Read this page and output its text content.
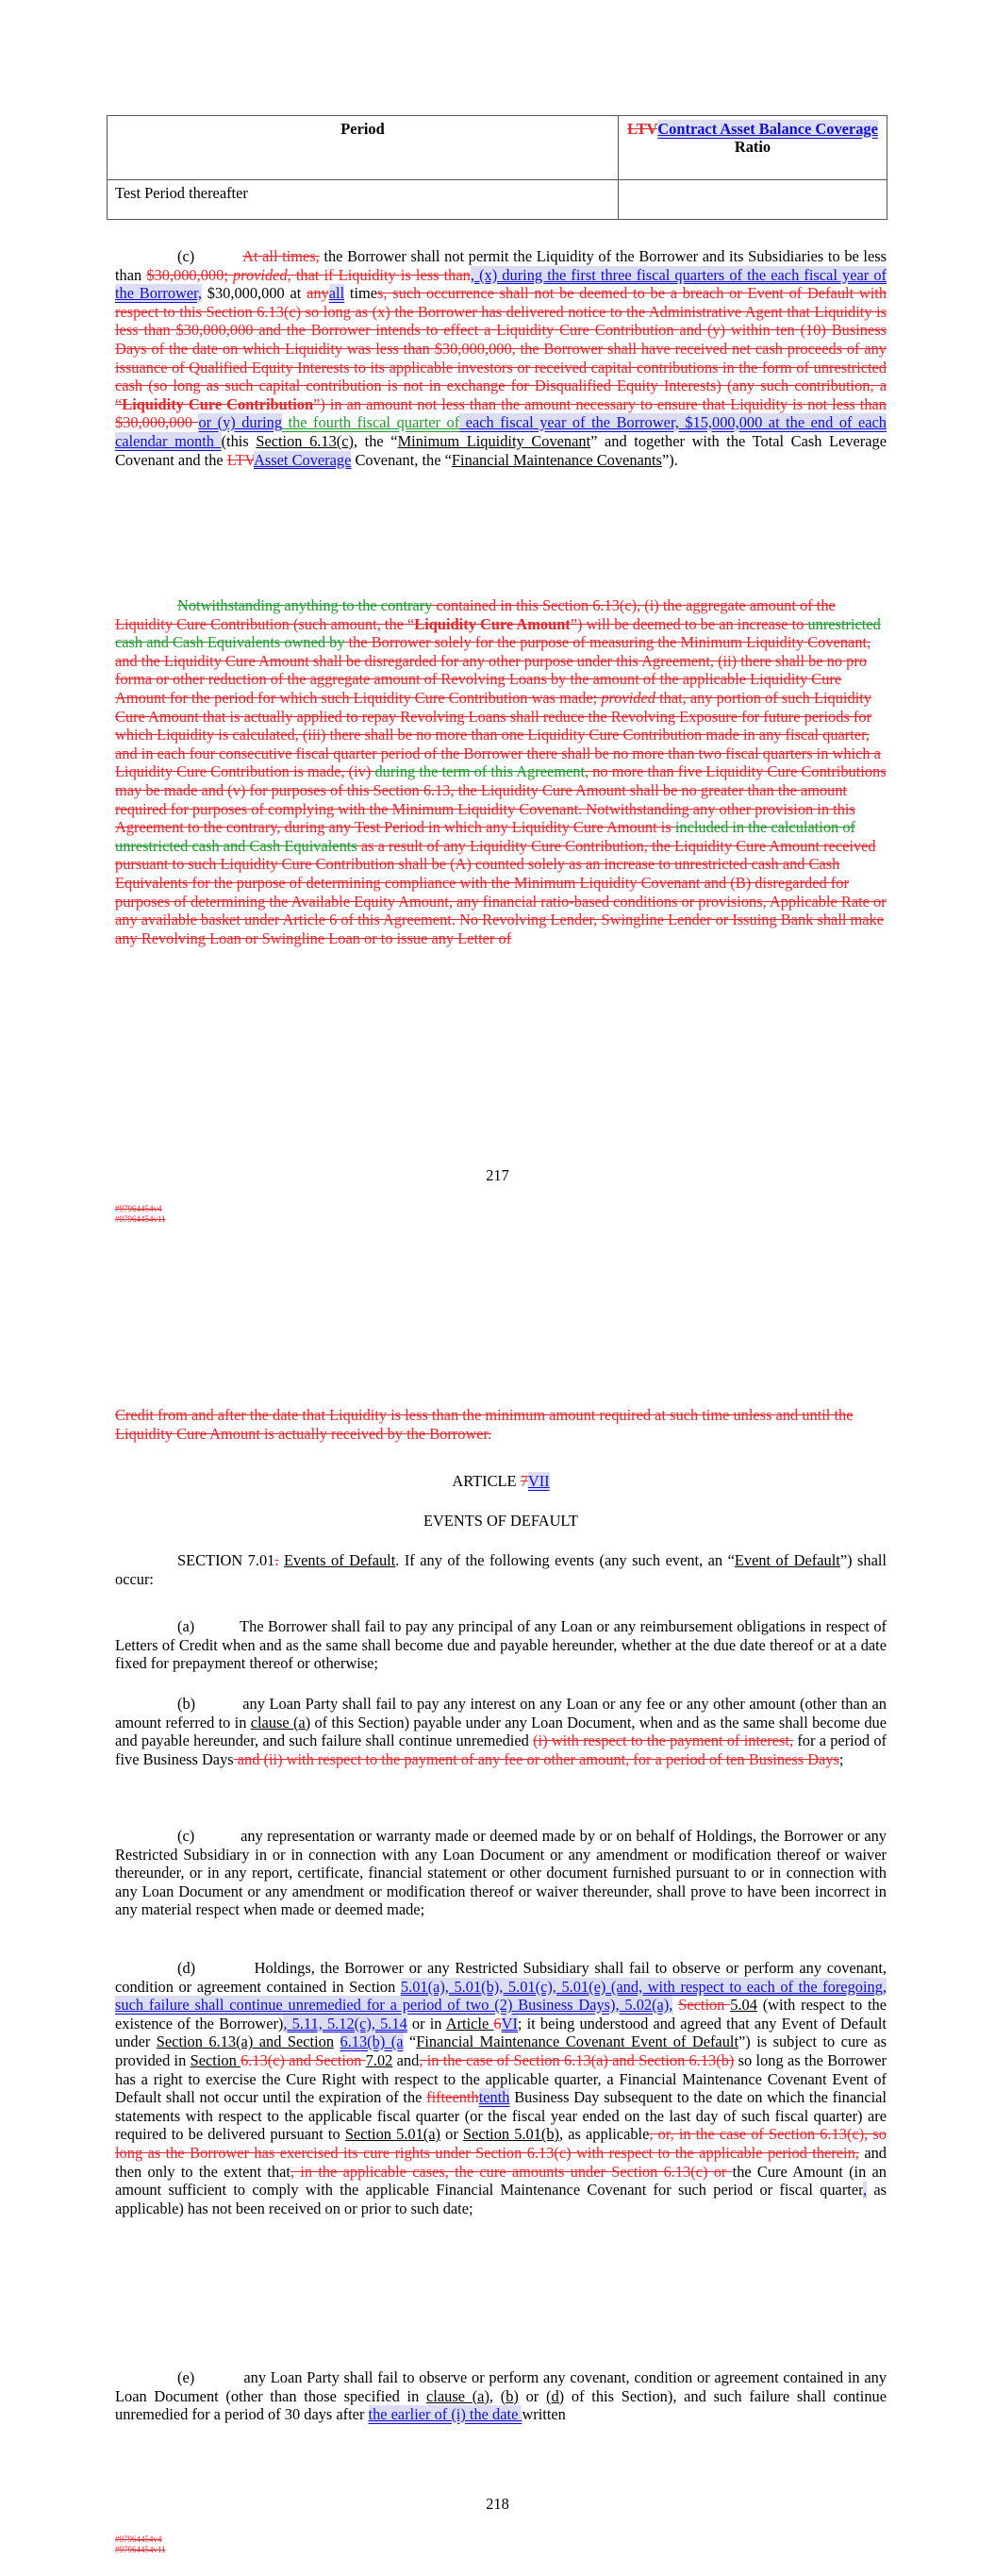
Period	LTVContract Asset Balance Coverage Ratio
Test Period thereafter	

(c)	At all times, the Borrower shall not permit the Liquidity of the Borrower and its Subsidiaries to be less than $30,000,000; provided, that if Liquidity is less than, (x) during the first three fiscal quarters of the each fiscal year of the Borrower, $30,000,000 at anyall times, such occurrence shall not be deemed to be a breach or Event of Default with respect to this Section 6.13(c) so long as (x) the Borrower has delivered notice to the Administrative Agent that Liquidity is less than $30,000,000 and the Borrower intends to effect a Liquidity Cure Contribution and (y) within ten (10) Business Days of the date on which Liquidity was less than $30,000,000, the Borrower shall have received net cash proceeds of any issuance of Qualified Equity Interests to its applicable investors or received capital contributions in the form of unrestricted cash (so long as such capital contribution is not in exchange for Disqualified Equity Interests) (any such contribution, a “Liquidity Cure Contribution”) in an amount not less than the amount necessary to ensure that Liquidity is not less than $30,000,000 or (y) during the fourth fiscal quarter of each fiscal year of the Borrower, $15,000,000 at the end of each calendar month (this Section 6.13(c), the “Minimum Liquidity Covenant” and together with the Total Cash Leverage Covenant and the LTVAsset Coverage Covenant, the “Financial Maintenance Covenants”).

Notwithstanding anything to the contrary contained in this Section 6.13(c), (i) the aggregate amount of the Liquidity Cure Contribution (such amount, the “Liquidity Cure Amount”) will be deemed to be an increase to unrestricted cash and Cash Equivalents owned by the Borrower solely for the purpose of measuring the Minimum Liquidity Covenant, and the Liquidity Cure Amount shall be disregarded for any other purpose under this Agreement, (ii) there shall be no pro forma or other reduction of the aggregate amount of Revolving Loans by the amount of the applicable Liquidity Cure Amount for the period for which such Liquidity Cure Contribution was made; provided that, any portion of such Liquidity Cure Amount that is actually applied to repay Revolving Loans shall reduce the Revolving Exposure for future periods for which Liquidity is calculated, (iii) there shall be no more than one Liquidity Cure Contribution made in any fiscal quarter, and in each four consecutive fiscal quarter period of the Borrower there shall be no more than two fiscal quarters in which a Liquidity Cure Contribution is made, (iv) during the term of this Agreement, no more than five Liquidity Cure Contributions may be made and (v) for purposes of this Section 6.13, the Liquidity Cure Amount shall be no greater than the amount required for purposes of complying with the Minimum Liquidity Covenant. Notwithstanding any other provision in this Agreement to the contrary, during any Test Period in which any Liquidity Cure Amount is included in the calculation of unrestricted cash and Cash Equivalents as a result of any Liquidity Cure Contribution, the Liquidity Cure Amount received pursuant to such Liquidity Cure Contribution shall be (A) counted solely as an increase to unrestricted cash and Cash Equivalents for the purpose of determining compliance with the Minimum Liquidity Covenant and (B) disregarded for purposes of determining the Available Equity Amount, any financial ratio-based conditions or provisions, Applicable Rate or any available basket under Article 6 of this Agreement. No Revolving Lender, Swingline Lender or Issuing Bank shall make any Revolving Loan or Swingline Loan or to issue any Letter of

217
#97964454v4
#97964454v11

Credit from and after the date that Liquidity is less than the minimum amount required at such time unless and until the Liquidity Cure Amount is actually received by the Borrower.

ARTICLE 7VII

EVENTS OF DEFAULT

SECTION 7.01. Events of Default. If any of the following events (any such event, an “Event of Default”) shall occur:

(a)	The Borrower shall fail to pay any principal of any Loan or any reimbursement obligations in respect of Letters of Credit when and as the same shall become due and payable hereunder, whether at the due date thereof or at a date fixed for prepayment thereof or otherwise;

(b)	any Loan Party shall fail to pay any interest on any Loan or any fee or any other amount (other than an amount referred to in clause (a) of this Section) payable under any Loan Document, when and as the same shall become due and payable hereunder, and such failure shall continue unremedied (i) with respect to the payment of interest, for a period of five Business Days and (ii) with respect to the payment of any fee or other amount, for a period of ten Business Days;

(c)	any representation or warranty made or deemed made by or on behalf of Holdings, the Borrower or any Restricted Subsidiary in or in connection with any Loan Document or any amendment or modification thereof or waiver thereunder, or in any report, certificate, financial statement or other document furnished pursuant to or in connection with any Loan Document or any amendment or modification thereof or waiver thereunder, shall prove to have been incorrect in any material respect when made or deemed made;

(d)	Holdings, the Borrower or any Restricted Subsidiary shall fail to observe or perform any covenant, condition or agreement contained in Section 5.01(a), 5.01(b), 5.01(c), 5.01(e) (and, with respect to each of the foregoing, such failure shall continue unremedied for a period of two (2) Business Days), 5.02(a), Section 5.04 (with respect to the existence of the Borrower), 5.11, 5.12(c), 5.14 or in Article 6VI; it being understood and agreed that any Event of Default under Section 6.13(a) and Section 6.13(b) (a “Financial Maintenance Covenant Event of Default”) is subject to cure as provided in Section 6.13(c) and Section 7.02 and, in the case of Section 6.13(a) and Section 6.13(b) so long as the Borrower has a right to exercise the Cure Right with respect to the applicable quarter, a Financial Maintenance Covenant Event of Default shall not occur until the expiration of the fifteenthtenth Business Day subsequent to the date on which the financial statements with respect to the applicable fiscal quarter (or the fiscal year ended on the last day of such fiscal quarter) are required to be delivered pursuant to Section 5.01(a) or Section 5.01(b), as applicable, or, in the case of Section 6.13(c), so long as the Borrower has exercised its cure rights under Section 6.13(c) with respect to the applicable period therein, and then only to the extent that, in the applicable cases, the cure amounts under Section 6.13(c) or the Cure Amount (in an amount sufficient to comply with the applicable Financial Maintenance Covenant for such period or fiscal quarter, as applicable) has not been received on or prior to such date;

(e)	any Loan Party shall fail to observe or perform any covenant, condition or agreement contained in any Loan Document (other than those specified in clause (a), (b) or (d) of this Section), and such failure shall continue unremedied for a period of 30 days after the earlier of (i) the date written

218
#97964454v4
#97964454v11
